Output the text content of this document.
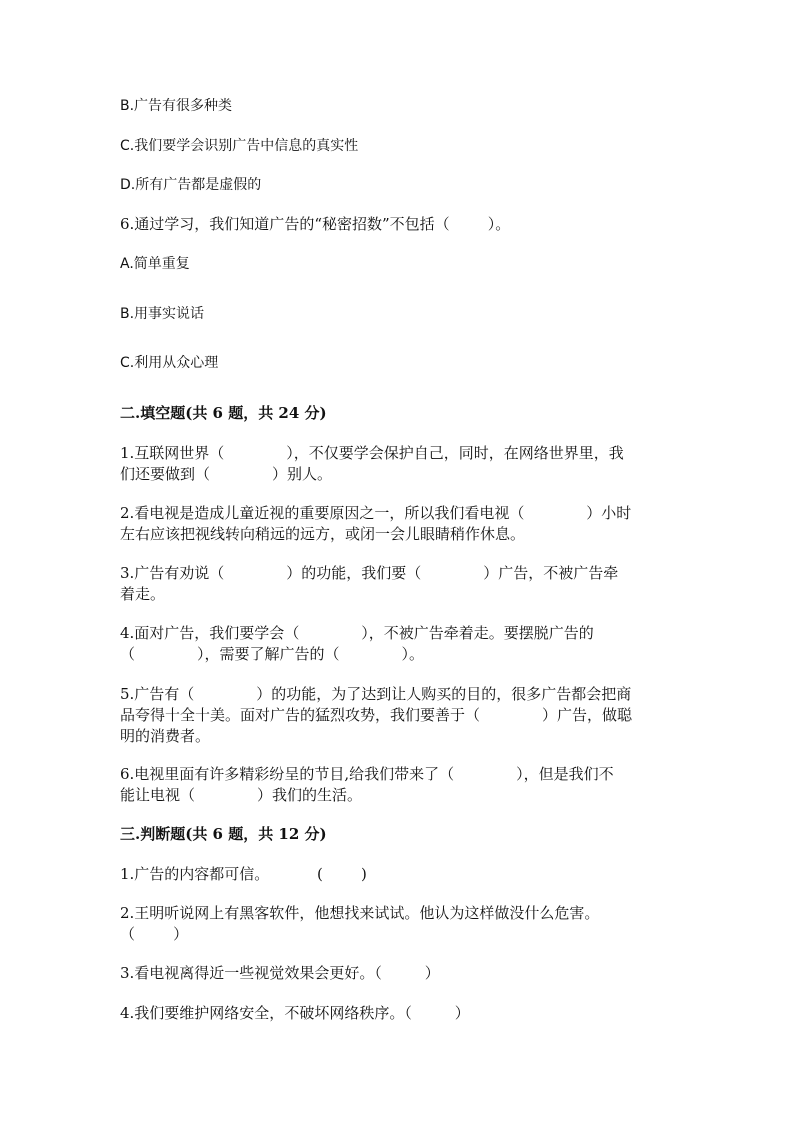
B.广告有很多种类
C.我们要学会识别广告中信息的真实性
D.所有广告都是虚假的
6.通过学习，我们知道广告的“秘密招数”不包括（        ）。
A.简单重复
B.用事实说话
C.利用从众心理
二.填空题(共 6 题，共 24 分)
1.互联网世界（             ），不仅要学会保护自己，同时，在网络世界里，我
们还要做到（             ）别人。
2.看电视是造成儿童近视的重要原因之一，所以我们看电视（             ）小时
左右应该把视线转向稍远的远方，或闭一会儿眼睛稍作休息。
3.广告有劝说（             ）的功能，我们要（             ）广告，不被广告牵
着走。
4.面对广告，我们要学会（             ），不被广告牵着走。要摆脱广告的
（             ），需要了解广告的（             ）。
5.广告有（             ）的功能，为了达到让人购买的目的，很多广告都会把商
品夸得十全十美。面对广告的猛烈攻势，我们要善于（             ）广告，做聪
明的消费者。
6.电视里面有许多精彩纷呈的节目,给我们带来了（             ），但是我们不
能让电视（             ）我们的生活。
三.判断题(共 6 题，共 12 分)
1.广告的内容都可信。          (        )
2.王明听说网上有黑客软件，他想找来试试。他认为这样做没什么危害。
（        ）
3.看电视离得近一些视觉效果会更好。（         ）
4.我们要维护网络安全，不破坏网络秩序。（         ）
